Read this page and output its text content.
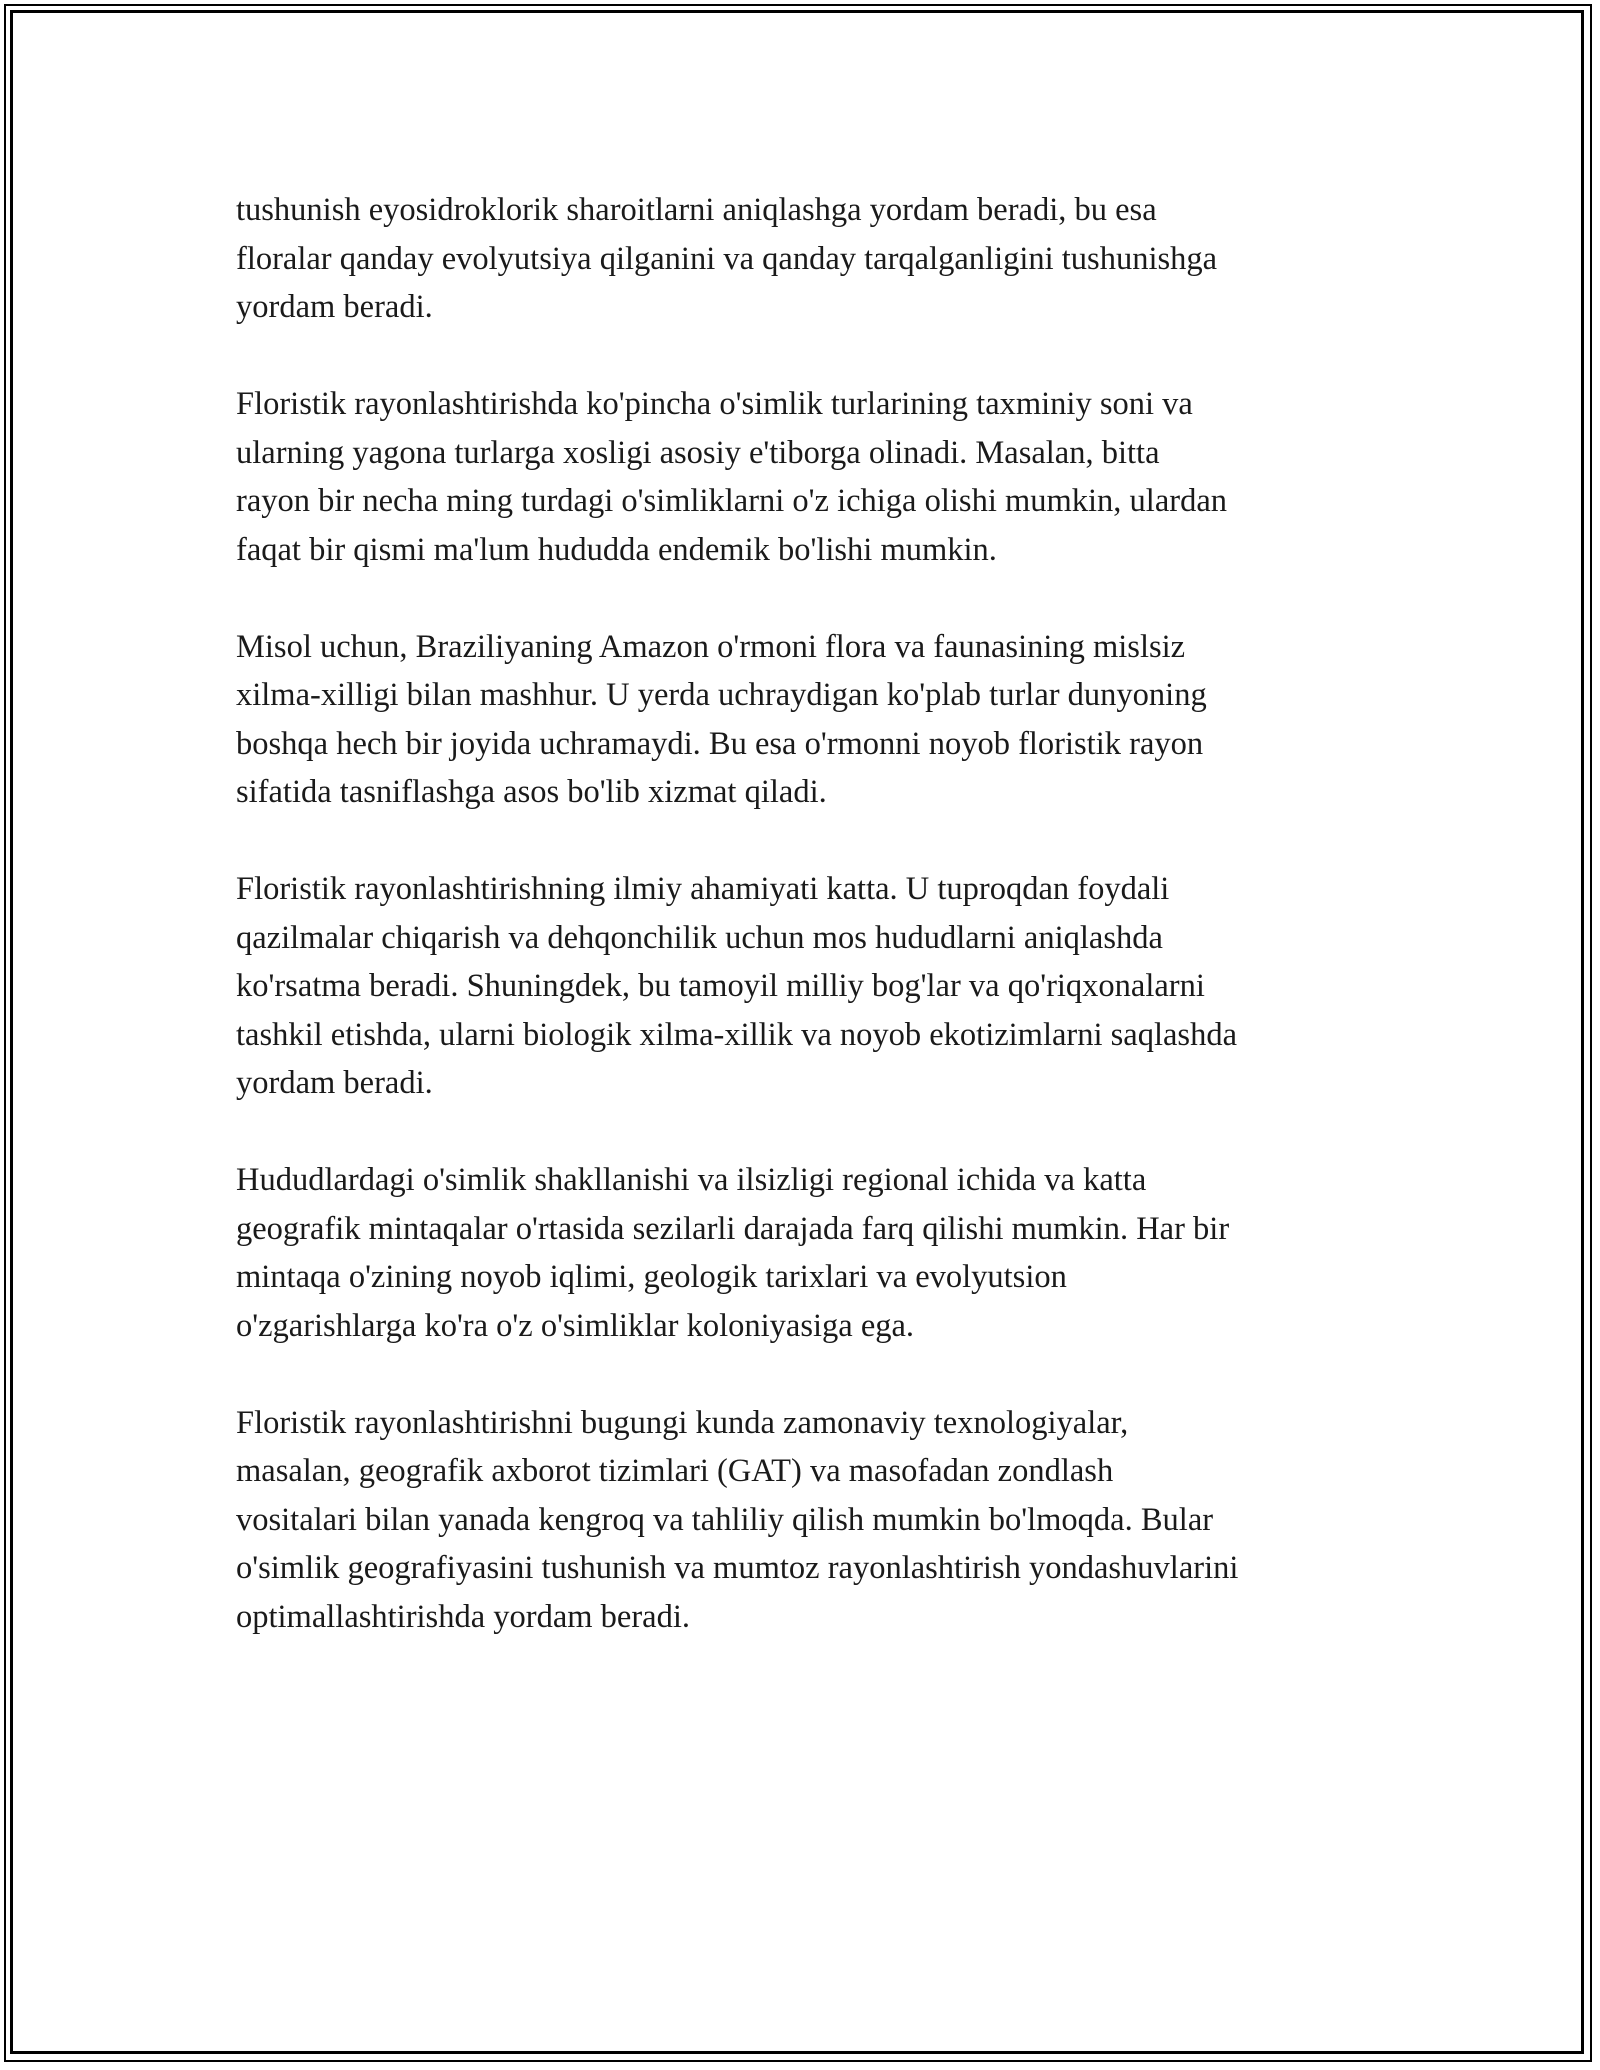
tushunish eyosidroklorik sharoitlarni aniqlashga yordam beradi, bu esa
floralar qanday evolyutsiya qilganini va qanday tarqalganligini tushunishga
yordam beradi.

Floristik rayonlashtirishda ko'pincha o'simlik turlarining taxminiy soni va
ularning yagona turlarga xosligi asosiy e'tiborga olinadi. Masalan, bitta
rayon bir necha ming turdagi o'simliklarni o'z ichiga olishi mumkin, ulardan
faqat bir qismi ma'lum hududda endemik bo'lishi mumkin.

Misol uchun, Braziliyaning Amazon o'rmoni flora va faunasining mislsiz
xilma-xilligi bilan mashhur. U yerda uchraydigan ko'plab turlar dunyoning
boshqa hech bir joyida uchramaydi. Bu esa o'rmonni noyob floristik rayon
sifatida tasniflashga asos bo'lib xizmat qiladi.

Floristik rayonlashtirishning ilmiy ahamiyati katta. U tuproqdan foydali
qazilmalar chiqarish va dehqonchilik uchun mos hududlarni aniqlashda
ko'rsatma beradi. Shuningdek, bu tamoyil milliy bog'lar va qo'riqxonalarni
tashkil etishda, ularni biologik xilma-xillik va noyob ekotizimlarni saqlashda
yordam beradi.

Hududlardagi o'simlik shakllanishi va ilsizligi regional ichida va katta
geografik mintaqalar o'rtasida sezilarli darajada farq qilishi mumkin. Har bir
mintaqa o'zining noyob iqlimi, geologik tarixlari va evolyutsion
o'zgarishlarga ko'ra o'z o'simliklar koloniyasiga ega.

Floristik rayonlashtirishni bugungi kunda zamonaviy texnologiyalar,
masalan, geografik axborot tizimlari (GAT) va masofadan zondlash
vositalari bilan yanada kengroq va tahliliy qilish mumkin bo'lmoqda. Bular
o'simlik geografiyasini tushunish va mumtoz rayonlashtirish yondashuvlarini
optimallashtirishda yordam beradi.
